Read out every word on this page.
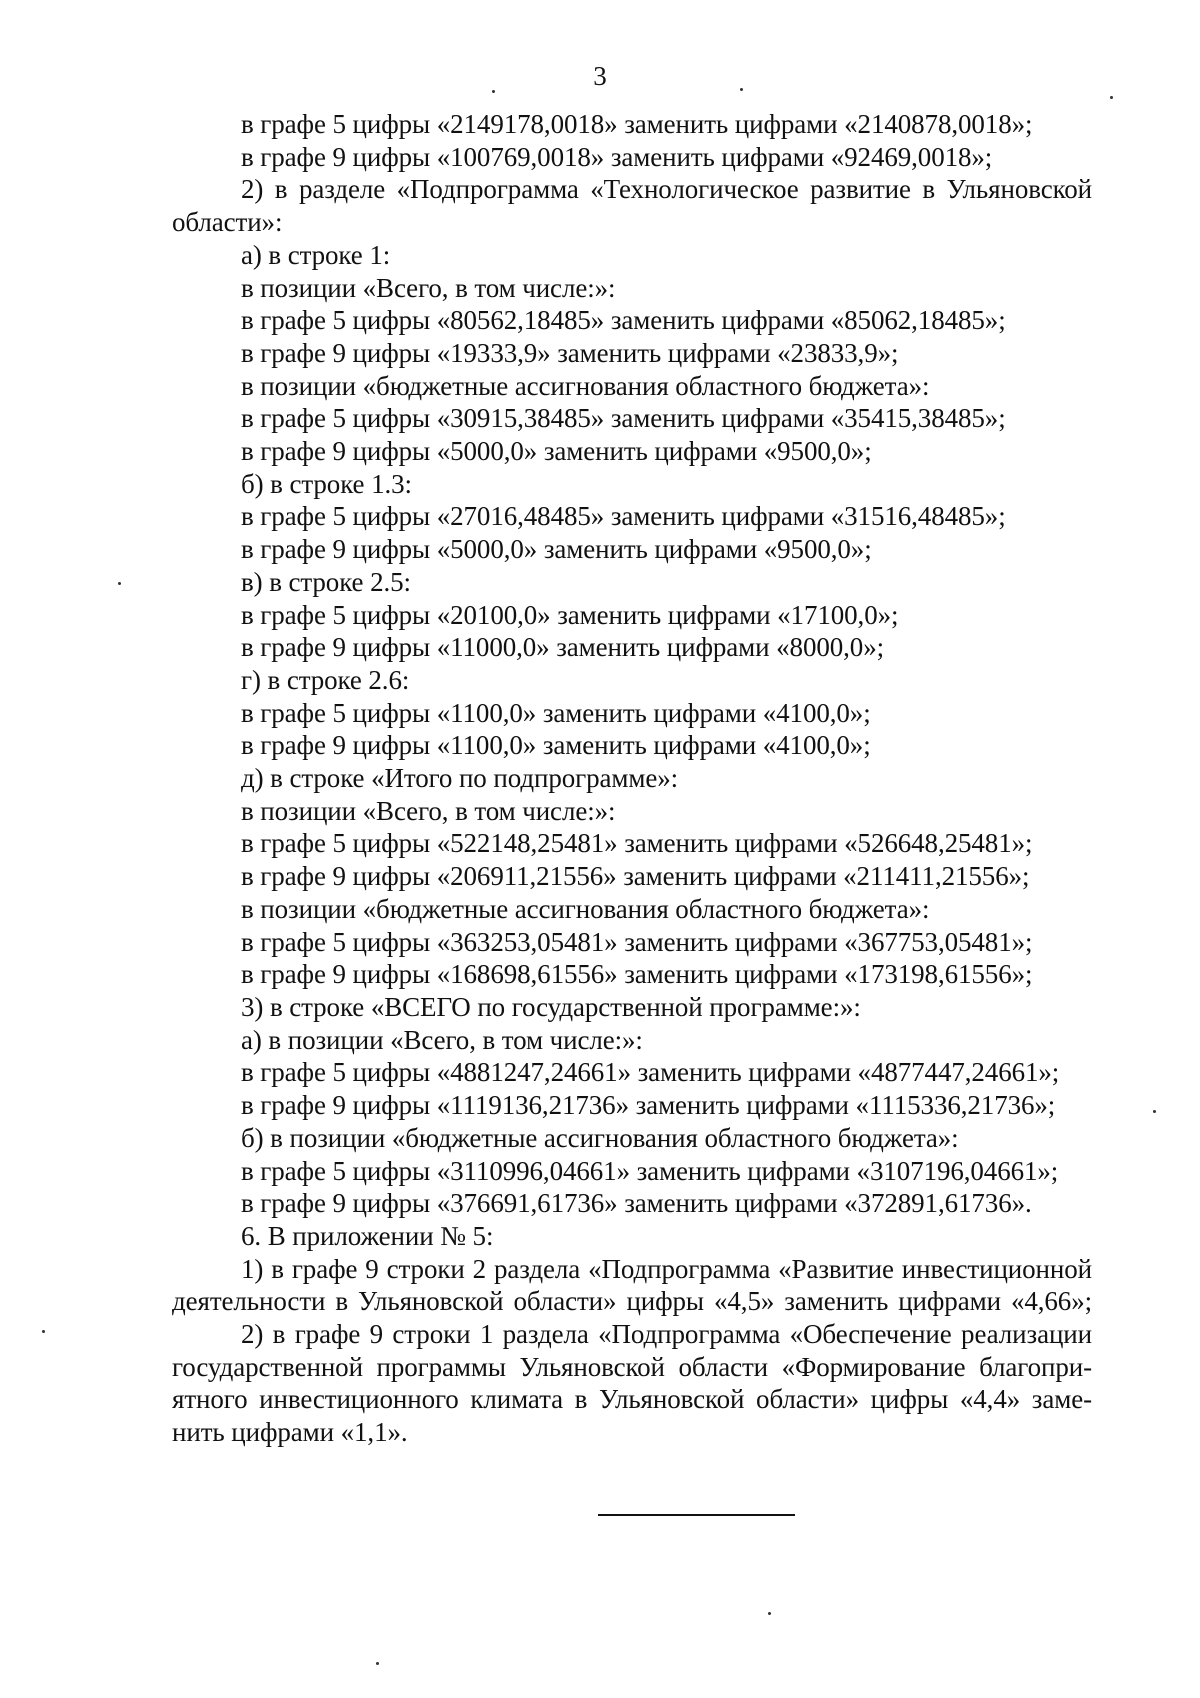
3
в графе 5 цифры «2149178,0018» заменить цифрами «2140878,0018»;
в графе 9 цифры «100769,0018» заменить цифрами «92469,0018»;
2) в разделе «Подпрограмма «Технологическое развитие в Ульяновской
области»:
а) в строке 1:
в позиции «Всего, в том числе:»:
в графе 5 цифры «80562,18485» заменить цифрами «85062,18485»;
в графе 9 цифры «19333,9» заменить цифрами «23833,9»;
в позиции «бюджетные ассигнования областного бюджета»:
в графе 5 цифры «30915,38485» заменить цифрами «35415,38485»;
в графе 9 цифры «5000,0» заменить цифрами «9500,0»;
б) в строке 1.3:
в графе 5 цифры «27016,48485» заменить цифрами «31516,48485»;
в графе 9 цифры «5000,0» заменить цифрами «9500,0»;
в) в строке 2.5:
в графе 5 цифры «20100,0» заменить цифрами «17100,0»;
в графе 9 цифры «11000,0» заменить цифрами «8000,0»;
г) в строке 2.6:
в графе 5 цифры «1100,0» заменить цифрами «4100,0»;
в графе 9 цифры «1100,0» заменить цифрами «4100,0»;
д) в строке «Итого по подпрограмме»:
в позиции «Всего, в том числе:»:
в графе 5 цифры «522148,25481» заменить цифрами «526648,25481»;
в графе 9 цифры «206911,21556» заменить цифрами «211411,21556»;
в позиции «бюджетные ассигнования областного бюджета»:
в графе 5 цифры «363253,05481» заменить цифрами «367753,05481»;
в графе 9 цифры «168698,61556» заменить цифрами «173198,61556»;
3) в строке «ВСЕГО по государственной программе:»:
а) в позиции «Всего, в том числе:»:
в графе 5 цифры «4881247,24661» заменить цифрами «4877447,24661»;
в графе 9 цифры «1119136,21736» заменить цифрами «1115336,21736»;
б) в позиции «бюджетные ассигнования областного бюджета»:
в графе 5 цифры «3110996,04661» заменить цифрами «3107196,04661»;
в графе 9 цифры «376691,61736» заменить цифрами «372891,61736».
6. В приложении № 5:
1) в графе 9 строки 2 раздела «Подпрограмма «Развитие инвестиционной
деятельности в Ульяновской области» цифры «4,5» заменить цифрами «4,66»;
2) в графе 9 строки 1 раздела «Подпрограмма «Обеспечение реализации
государственной программы Ульяновской области «Формирование благопри-
ятного инвестиционного климата в Ульяновской области» цифры «4,4» заме-
нить цифрами «1,1».
